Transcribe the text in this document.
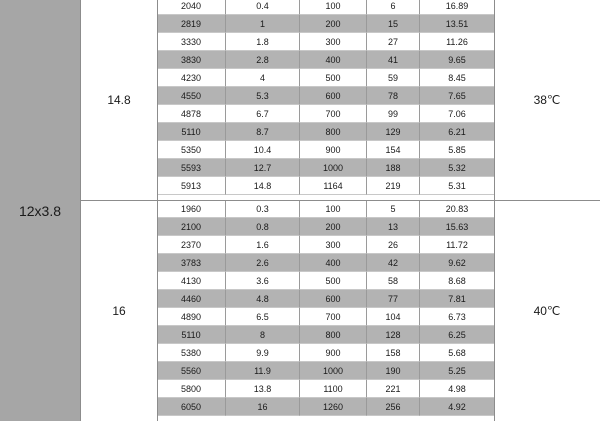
12x3.8
14.8	38℃
2040	0.4	100	6	16.89
2819	1	200	15	13.51
3330	1.8	300	27	11.26
3830	2.8	400	41	9.65
4230	4	500	59	8.45
4550	5.3	600	78	7.65
4878	6.7	700	99	7.06
5110	8.7	800	129	6.21
5350	10.4	900	154	5.85
5593	12.7	1000	188	5.32
5913	14.8	1164	219	5.31
16	40℃
1960	0.3	100	5	20.83
2100	0.8	200	13	15.63
2370	1.6	300	26	11.72
3783	2.6	400	42	9.62
4130	3.6	500	58	8.68
4460	4.8	600	77	7.81
4890	6.5	700	104	6.73
5110	8	800	128	6.25
5380	9.9	900	158	5.68
5560	11.9	1000	190	5.25
5800	13.8	1100	221	4.98
6050	16	1260	256	4.92
